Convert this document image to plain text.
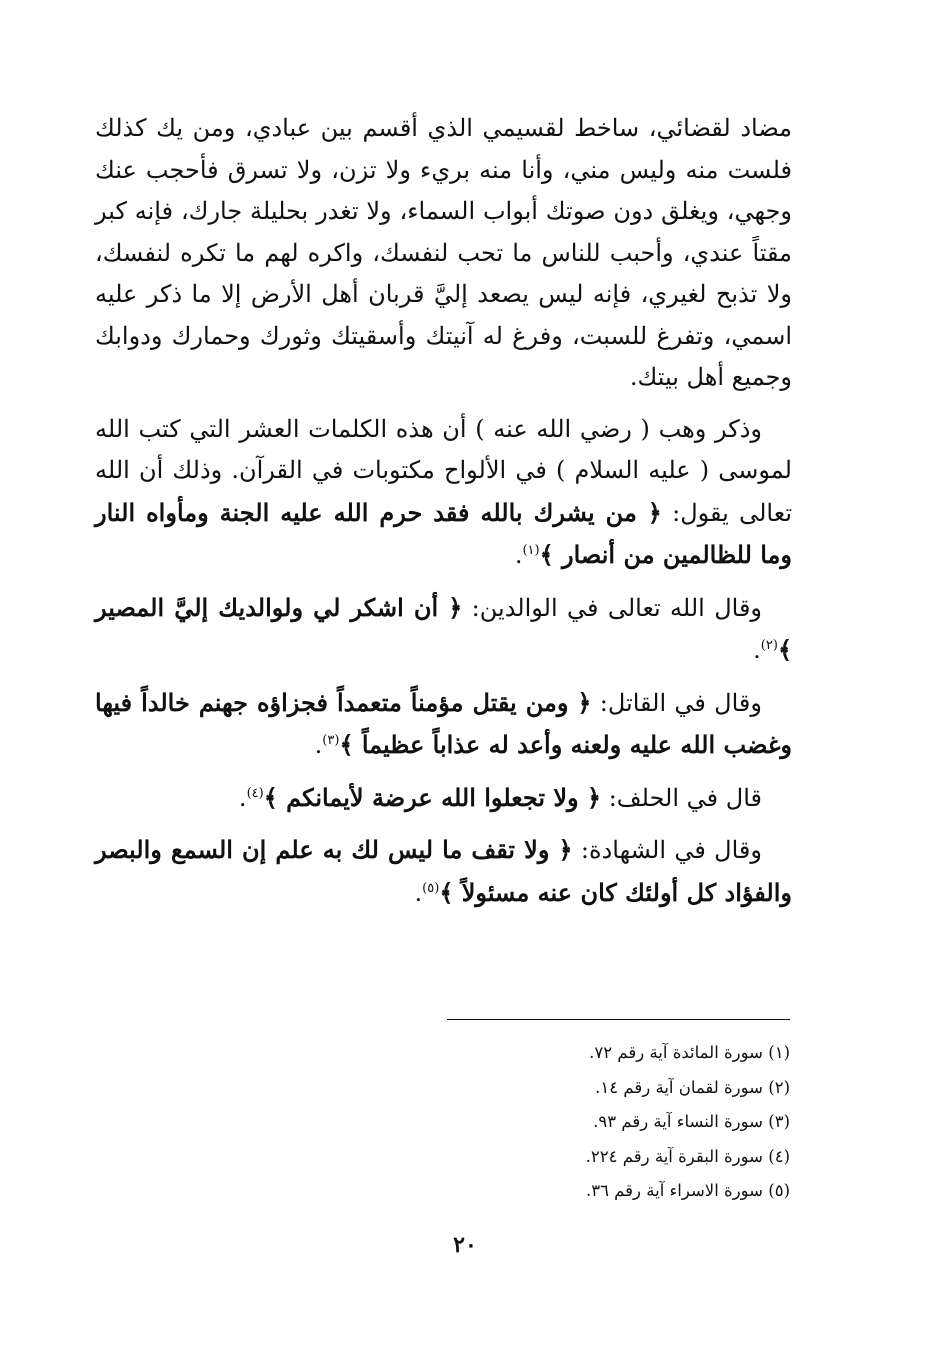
مضاد لقضائي، ساخط لقسيمي الذي أقسم بين عبادي، ومن يك كذلك فلست منه وليس مني، وأنا منه بريء ولا تزن، ولا تسرق فأحجب عنك وجهي، ويغلق دون صوتك أبواب السماء، ولا تغدر بحليلة جارك، فإنه كبر مقتاً عندي، وأحبب للناس ما تحب لنفسك، واكره لهم ما تكره لنفسك، ولا تذبح لغيري، فإنه ليس يصعد إليَّ قربان أهل الأرض إلا ما ذكر عليه اسمي، وتفرغ للسبت، وفرغ له آنيتك وأسقيتك وثورك وحمارك ودوابك وجميع أهل بيتك.

وذكر وهب ( رضي الله عنه ) أن هذه الكلمات العشر التي كتب الله لموسى ( عليه السلام ) في الألواح مكتوبات في القرآن. وذلك أن الله تعالى يقول: ﴿ من يشرك بالله فقد حرم الله عليه الجنة ومأواه النار وما للظالمين من أنصار ﴾$^{(١)}$.

وقال الله تعالى في الوالدين: ﴿ أن اشكر لي ولوالديك إليَّ المصير ﴾$^{(٢)}$.

وقال في القاتل: ﴿ ومن يقتل مؤمناً متعمداً فجزاؤه جهنم خالداً فيها وغضب الله عليه ولعنه وأعد له عذاباً عظيماً ﴾$^{(٣)}$.

قال في الحلف: ﴿ ولا تجعلوا الله عرضة لأيمانكم ﴾$^{(٤)}$.

وقال في الشهادة: ﴿ ولا تقف ما ليس لك به علم إن السمع والبصر والفؤاد كل أولئك كان عنه مسئولاً ﴾$^{(٥)}$.

(١) سورة المائدة آية رقم ٧٢.
(٢) سورة لقمان آية رقم ١٤.
(٣) سورة النساء آية رقم ٩٣.
(٤) سورة البقرة آية رقم ٢٢٤.
(٥) سورة الاسراء آية رقم ٣٦.
٢٠
